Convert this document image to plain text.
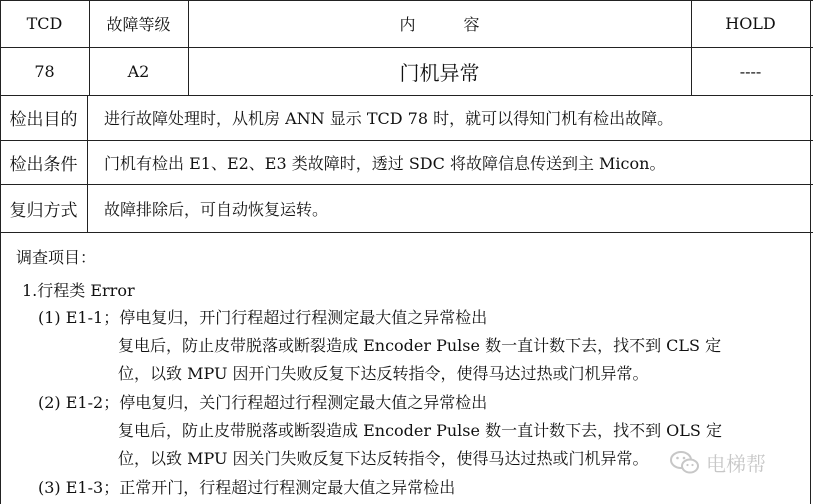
TCD	故障等级	内　　　容	HOLD
78	A2	门机异常	----
检出目的	进行故障处理时，从机房 ANN 显示 TCD 78 时，就可以得知门机有检出故障。
检出条件	门机有检出 E1、E2、E3 类故障时，透过 SDC 将故障信息传送到主 Micon。
复归方式	故障排除后，可自动恢复运转。
调查项目：
1.行程类 Error
(1) E1-1；停电复归，开门行程超过行程测定最大值之异常检出
复电后，防止皮带脱落或断裂造成 Encoder Pulse 数一直计数下去，找不到 CLS 定
位，以致 MPU 因开门失败反复下达反转指令，使得马达过热或门机异常。
(2) E1-2；停电复归，关门行程超过行程测定最大值之异常检出
复电后，防止皮带脱落或断裂造成 Encoder Pulse 数一直计数下去，找不到 OLS 定
位，以致 MPU 因关门失败反复下达反转指令，使得马达过热或门机异常。
(3) E1-3；正常开门，行程超过行程测定最大值之异常检出
电梯帮
